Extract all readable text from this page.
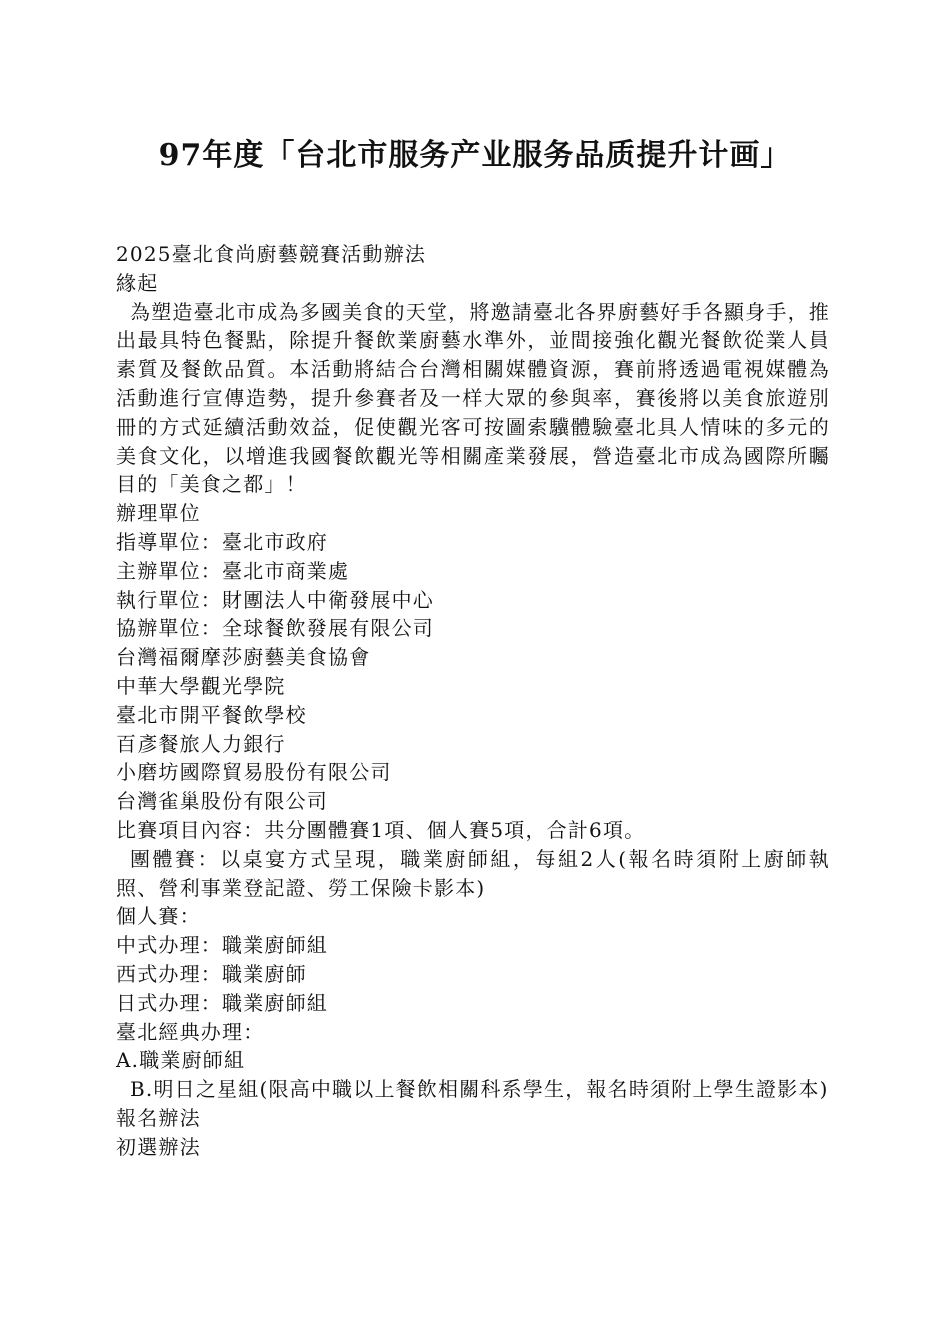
97年度「台北市服务产业服务品质提升计画」

2025臺北食尚廚藝競賽活動辦法

緣起

為塑造臺北市成為多國美食的天堂，將邀請臺北各界廚藝好手各顯身手，推出最具特色餐點，除提升餐飲業廚藝水準外，並間接強化觀光餐飲從業人員素質及餐飲品質。本活動將結合台灣相關媒體資源，賽前將透過電視媒體為活動進行宣傳造勢，提升參賽者及一样大眾的參與率，賽後將以美食旅遊別冊的方式延續活動效益，促使觀光客可按圖索驥體驗臺北具人情味的多元的美食文化，以增進我國餐飲觀光等相關產業發展，營造臺北市成為國際所矚目的「美食之都」！

辦理單位

指導單位：臺北市政府

主辦單位：臺北市商業處

執行單位：財團法人中衛發展中心

協辦單位：全球餐飲發展有限公司

台灣福爾摩莎廚藝美食協會

中華大學觀光學院

臺北市開平餐飲學校

百彥餐旅人力銀行

小磨坊國際貿易股份有限公司

台灣雀巢股份有限公司

比賽項目內容：共分團體賽1項、個人賽5項，合計6項。

團體賽：以桌宴方式呈現，職業廚師組，每組2人(報名時須附上廚師執照、營利事業登記證、勞工保險卡影本)

個人賽：

中式办理：職業廚師組

西式办理：職業廚師

日式办理：職業廚師組

臺北經典办理：

A.職業廚師組

B.明日之星組(限高中職以上餐飲相關科系學生，報名時須附上學生證影本)

報名辦法

初選辦法
